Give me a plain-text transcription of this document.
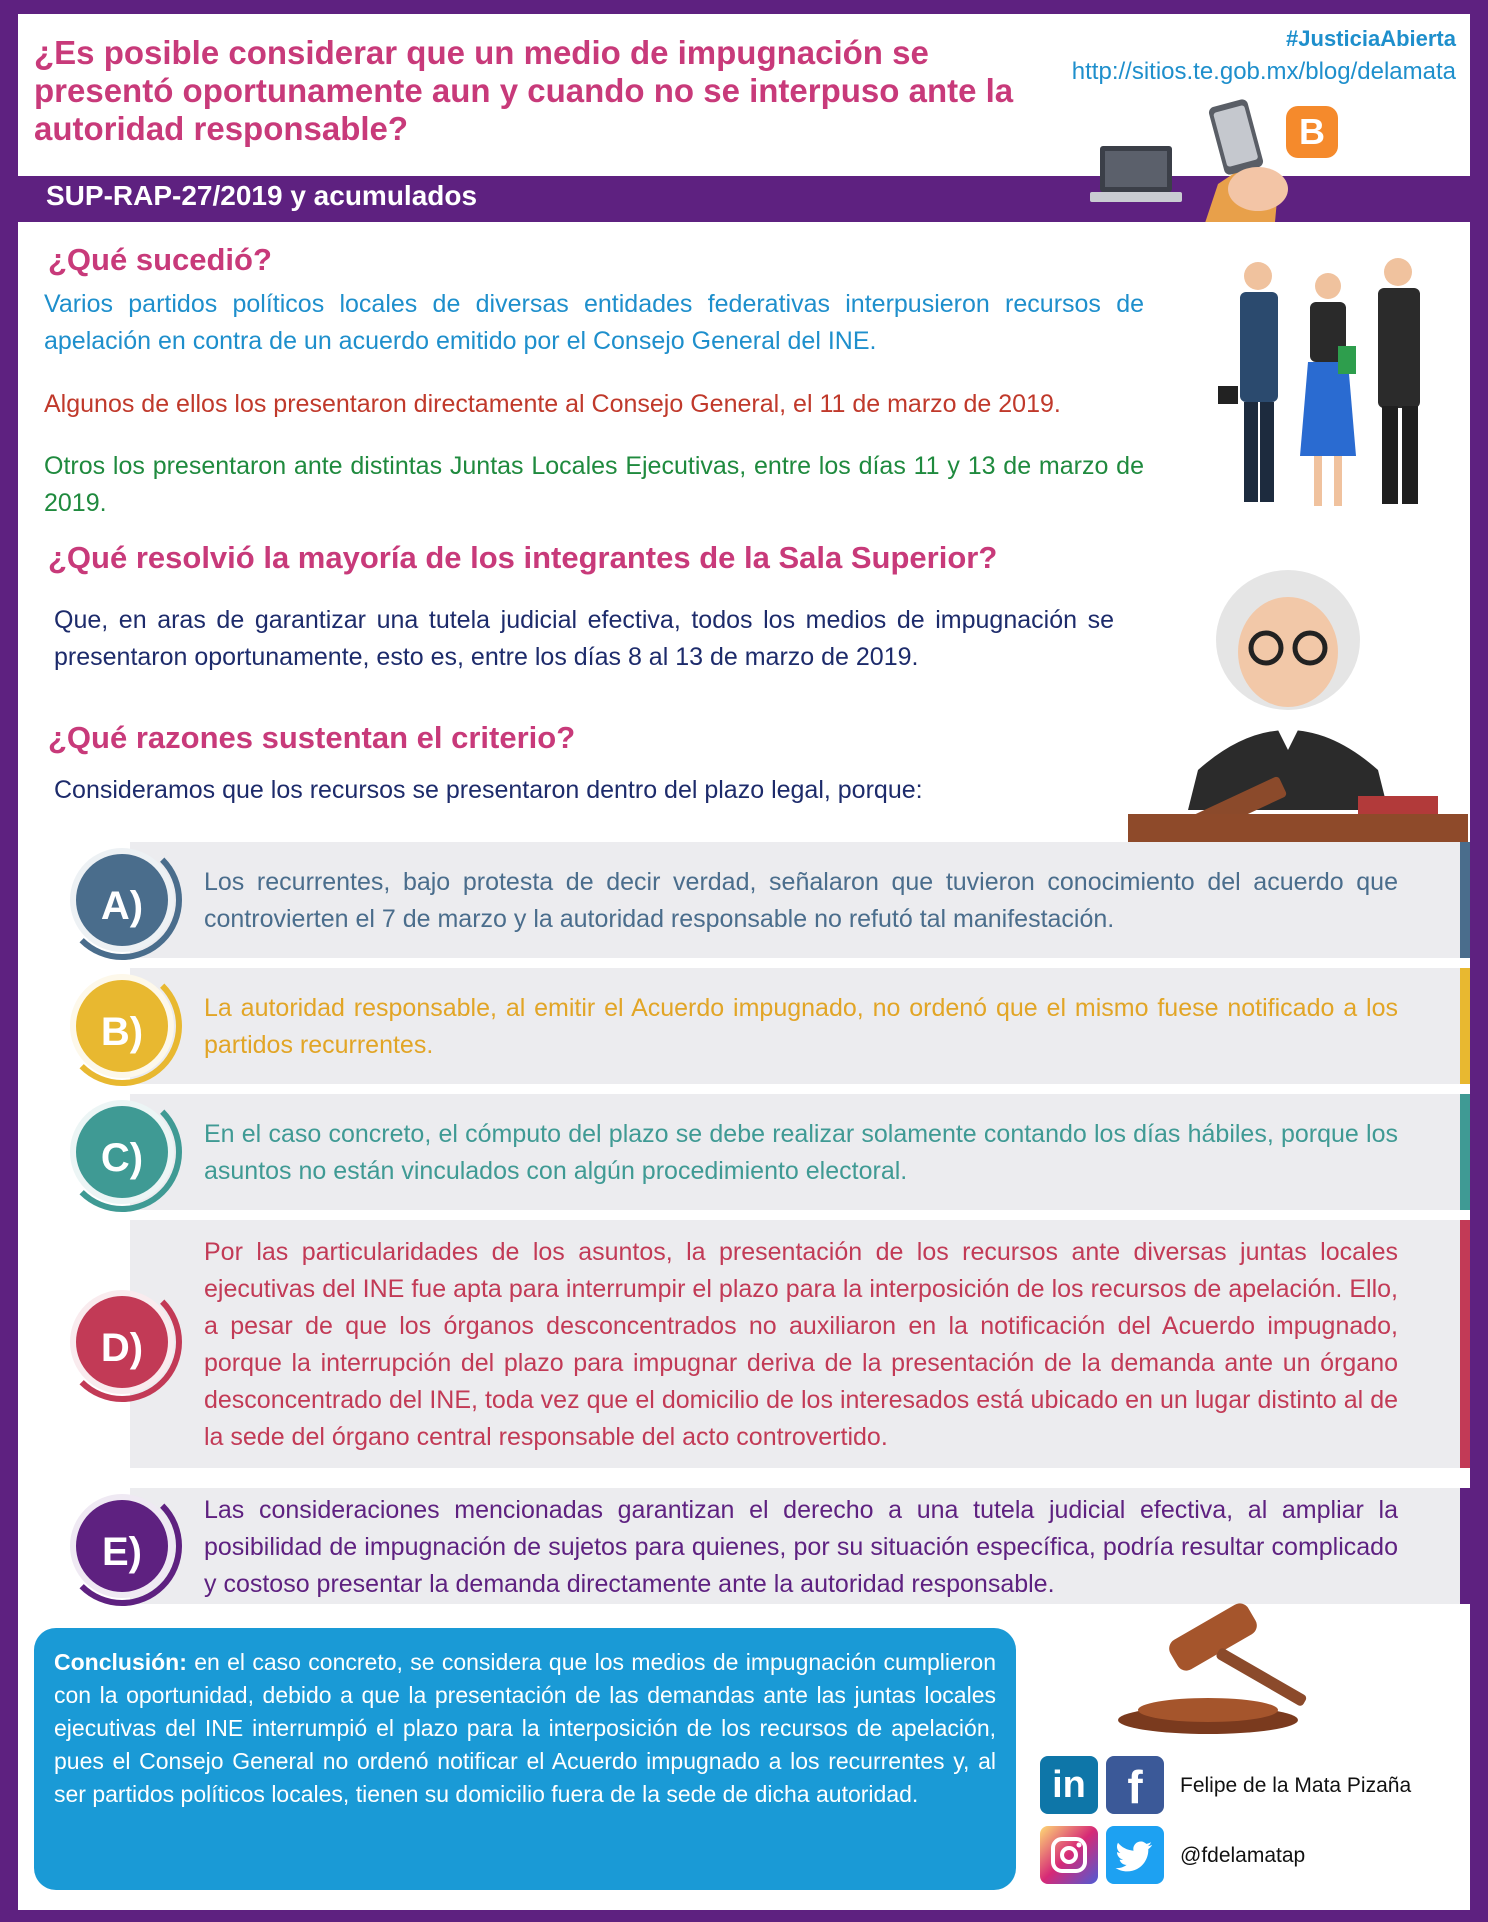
¿Es posible considerar que un medio de impugnación se presentó oportunamente aun y cuando no se interpuso ante la autoridad responsable?
#JusticiaAbierta
http://sitios.te.gob.mx/blog/delamata
B
SUP-RAP-27/2019 y acumulados
¿Qué sucedió?
Varios partidos políticos locales de diversas entidades federativas interpusieron recursos de apelación en contra de un acuerdo emitido por el Consejo General del INE.
Algunos de ellos los presentaron directamente al Consejo General, el 11 de marzo de 2019.
Otros los presentaron ante distintas Juntas Locales Ejecutivas, entre los días 11 y 13 de marzo de 2019.
¿Qué resolvió la mayoría de los integrantes de la Sala Superior?
Que, en aras de garantizar una tutela judicial efectiva, todos los medios de impugnación se presentaron oportunamente, esto es, entre los días 8 al 13 de marzo de 2019.
¿Qué razones sustentan el criterio?
Consideramos que los recursos se presentaron dentro del plazo legal, porque:
Los recurrentes, bajo protesta de decir verdad, señalaron que tuvieron conocimiento del acuerdo que controvierten el 7 de marzo y la autoridad responsable no refutó tal manifestación.
A)
La autoridad responsable, al emitir el Acuerdo impugnado, no ordenó que el mismo fuese notificado a los partidos recurrentes.
B)
En el caso concreto, el cómputo del plazo se debe realizar solamente contando los días hábiles, porque los asuntos no están vinculados con algún procedimiento electoral.
C)
Por las particularidades de los asuntos, la presentación de los recursos ante diversas juntas locales ejecutivas del INE fue apta para interrumpir el plazo para la interposición de los recursos de apelación. Ello, a pesar de que los órganos desconcentrados no auxiliaron en la notificación del Acuerdo impugnado, porque la interrupción del plazo para impugnar deriva de la presentación de la demanda ante un órgano desconcentrado del INE, toda vez que el domicilio de los interesados está ubicado en un lugar distinto al de la sede del órgano central responsable del acto controvertido.
D)
Las consideraciones mencionadas garantizan el derecho a una tutela judicial efectiva, al ampliar la posibilidad de impugnación de sujetos para quienes, por su situación específica, podría resultar complicado y costoso presentar la demanda directamente ante la autoridad responsable.
E)

Conclusión: en el caso concreto, se considera que los medios de impugnación cumplieron con la oportunidad, debido a que la presentación de las demandas ante las juntas locales ejecutivas del INE interrumpió el plazo para la interposición de los recursos de apelación, pues el Consejo General no ordenó notificar el Acuerdo impugnado a los recurrentes y, al ser partidos políticos locales, tienen su domicilio fuera de la sede de dicha autoridad.	in f	Felipe de la Mata Pizaña
@fdelamatap
